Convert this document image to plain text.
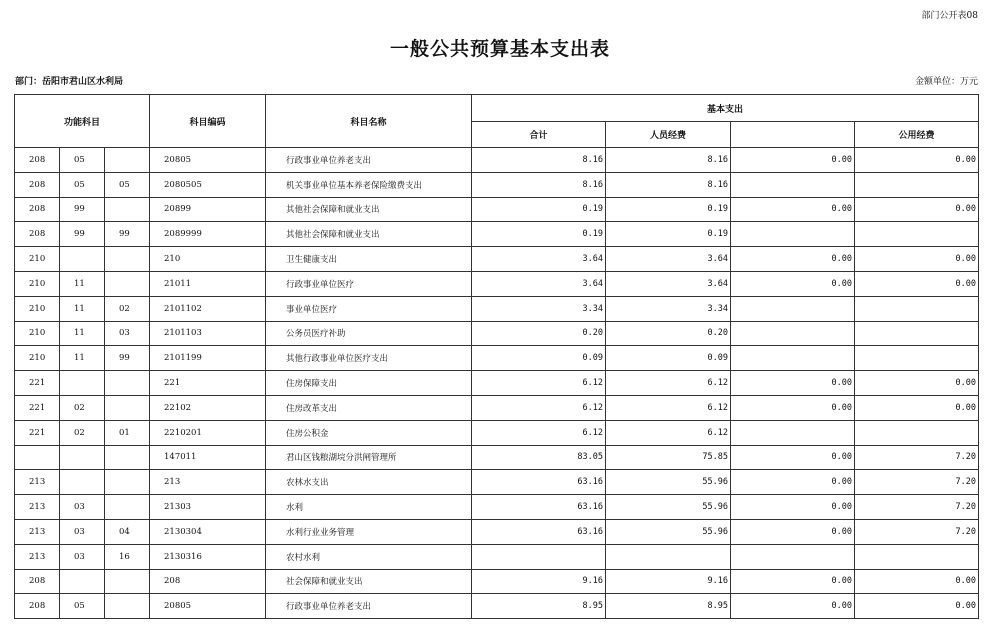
部门公开表08
一般公共预算基本支出表
部门：岳阳市君山区水利局	金额单位：万元
功能科目			科目编码	科目名称	基本支出			
					合计	人员经费		公用经费
208	05		20805	行政事业单位养老支出	8.16	8.16	0.00	0.00
208	05	05	2080505	机关事业单位基本养老保险缴费支出	8.16	8.16		
208	99		20899	其他社会保障和就业支出	0.19	0.19	0.00	0.00
208	99	99	2089999	其他社会保障和就业支出	0.19	0.19		
210			210	卫生健康支出	3.64	3.64	0.00	0.00
210	11		21011	行政事业单位医疗	3.64	3.64	0.00	0.00
210	11	02	2101102	事业单位医疗	3.34	3.34		
210	11	03	2101103	公务员医疗补助	0.20	0.20		
210	11	99	2101199	其他行政事业单位医疗支出	0.09	0.09		
221			221	住房保障支出	6.12	6.12	0.00	0.00
221	02		22102	住房改革支出	6.12	6.12	0.00	0.00
221	02	01	2210201	住房公积金	6.12	6.12		
			147011	君山区钱粮湖垸分洪闸管理所	83.05	75.85	0.00	7.20
213			213	农林水支出	63.16	55.96	0.00	7.20
213	03		21303	水利	63.16	55.96	0.00	7.20
213	03	04	2130304	水利行业业务管理	63.16	55.96	0.00	7.20
213	03	16	2130316	农村水利				
208			208	社会保障和就业支出	9.16	9.16	0.00	0.00
208	05		20805	行政事业单位养老支出	8.95	8.95	0.00	0.00
